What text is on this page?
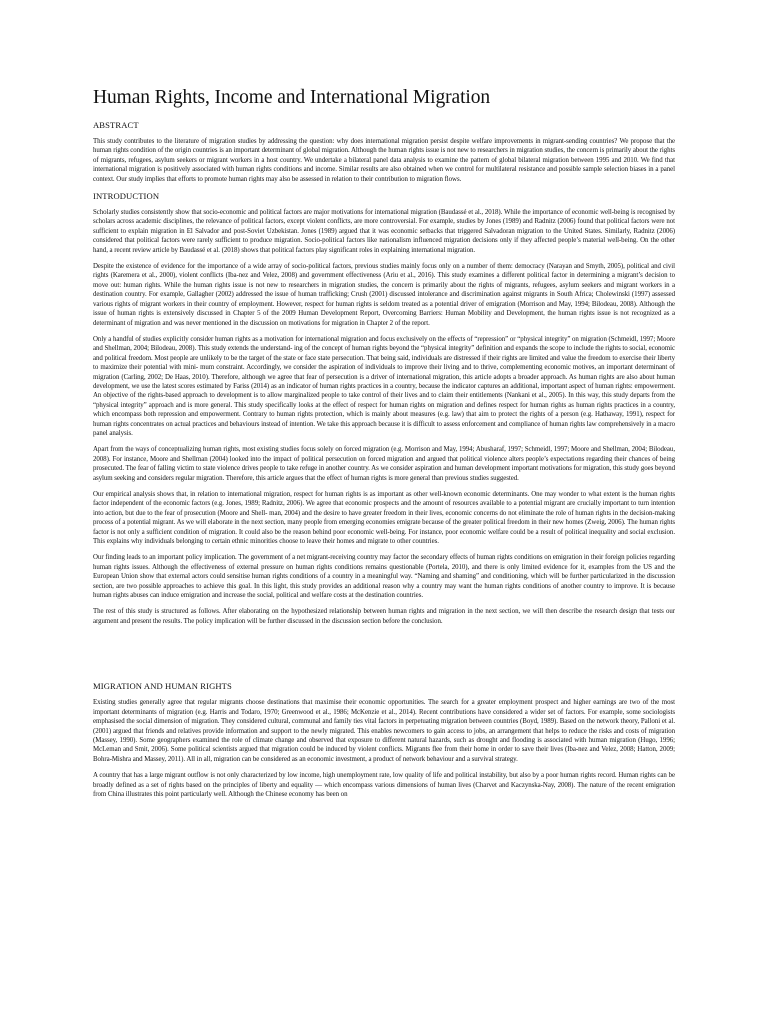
Human Rights, Income and International Migration
ABSTRACT

This study contributes to the literature of migration studies by addressing the question: why does international migration persist despite welfare improvements in migrant-sending countries? We propose that the human rights condition of the origin countries is an important determinant of global migration. Although the human rights issue is not new to researchers in migration studies, the concern is primarily about the rights of migrants, refugees, asylum seekers or migrant workers in a host country. We undertake a bilateral panel data analysis to examine the pattern of global bilateral migration between 1995 and 2010. We find that international migration is positively associated with human rights conditions and income. Similar results are also obtained when we control for multilateral resistance and possible sample selection biases in a panel context. Our study implies that efforts to promote human rights may also be assessed in relation to their contribution to migration flows.

INTRODUCTION

Scholarly studies consistently show that socio-economic and political factors are major motivations for international migration (Baudassé et al., 2018). While the importance of economic well-being is recognised by scholars across academic disciplines, the relevance of political factors, except violent conflicts, are more controversial. For example, studies by Jones (1989) and Radnitz (2006) found that political factors were not sufficient to explain migration in El Salvador and post-Soviet Uzbekistan. Jones (1989) argued that it was economic setbacks that triggered Salvadoran migration to the United States. Similarly, Radnitz (2006) considered that political factors were rarely sufficient to produce migration. Socio-political factors like nationalism influenced migration decisions only if they affected people’s material well-being. On the other hand, a recent review article by Baudassé et al. (2018) shows that political factors play significant roles in explaining international migration.

Despite the existence of evidence for the importance of a wide array of socio-political factors, previous studies mainly focus only on a number of them: democracy (Narayan and Smyth, 2005), political and civil rights (Karemera et al., 2000), violent conflicts (Iba-nez and Velez, 2008) and government effectiveness (Ariu et al., 2016). This study examines a different political factor in determining a migrant’s decision to move out: human rights. While the human rights issue is not new to researchers in migration studies, the concern is primarily about the rights of migrants, refugees, asylum seekers and migrant workers in a destination country. For example, Gallagher (2002) addressed the issue of human trafficking; Crush (2001) discussed intolerance and discrimination against migrants in South Africa; Cholewinski (1997) assessed various rights of migrant workers in their country of employment. However, respect for human rights is seldom treated as a potential driver of emigration (Morrison and May, 1994; Bilodeau, 2008). Although the issue of human rights is extensively discussed in Chapter 5 of the 2009 Human Development Report, Overcoming Barriers: Human Mobility and Development, the human rights issue is not recognized as a determinant of migration and was never mentioned in the discussion on motivations for migration in Chapter 2 of the report.

Only a handful of studies explicitly consider human rights as a motivation for international migration and focus exclusively on the effects of “repression” or “physical integrity” on migration (Schmeidl, 1997; Moore and Shellman, 2004; Bilodeau, 2008). This study extends the understand- ing of the concept of human rights beyond the “physical integrity” definition and expands the scope to include the rights to social, economic and political freedom. Most people are unlikely to be the target of the state or face state persecution. That being said, individuals are distressed if their rights are limited and value the freedom to exercise their liberty to maximize their potential with mini- mum constraint. Accordingly, we consider the aspiration of individuals to improve their living and to thrive, complementing economic motives, an important determinant of migration (Carling, 2002; De Haas, 2010). Therefore, although we agree that fear of persecution is a driver of international migration, this article adopts a broader approach. As human rights are also about human development, we use the latest scores estimated by Fariss (2014) as an indicator of human rights practices in a country, because the indicator captures an additional, important aspect of human rights: empowerment. An objective of the rights-based approach to development is to allow marginalized people to take control of their lives and to claim their entitlements (Nankani et al., 2005). In this way, this study departs from the “physical integrity” approach and is more general. This study specifically looks at the effect of respect for human rights on migration and defines respect for human rights as human rights practices in a country, which encompass both repression and empowerment. Contrary to human rights protection, which is mainly about measures (e.g. law) that aim to protect the rights of a person (e.g. Hathaway, 1991), respect for human rights concentrates on actual practices and behaviours instead of intention. We take this approach because it is difficult to assess enforcement and compliance of human rights law comprehensively in a macro panel analysis.

Apart from the ways of conceptualizing human rights, most existing studies focus solely on forced migration (e.g. Morrison and May, 1994; Abusharaf, 1997; Schmeidl, 1997; Moore and Shellman, 2004; Bilodeau, 2008). For instance, Moore and Shellman (2004) looked into the impact of political persecution on forced migration and argued that political violence alters people’s expectations regarding their chances of being prosecuted. The fear of falling victim to state violence drives people to take refuge in another country. As we consider aspiration and human development important motivations for migration, this study goes beyond asylum seeking and considers regular migration. Therefore, this article argues that the effect of human rights is more general than previous studies suggested.

Our empirical analysis shows that, in relation to international migration, respect for human rights is as important as other well-known economic determinants. One may wonder to what extent is the human rights factor independent of the economic factors (e.g. Jones, 1989; Radnitz, 2006). We agree that economic prospects and the amount of resources available to a potential migrant are crucially important to turn intention into action, but due to the fear of prosecution (Moore and Shell- man, 2004) and the desire to have greater freedom in their lives, economic concerns do not eliminate the role of human rights in the decision-making process of a potential migrant. As we will elaborate in the next section, many people from emerging economies emigrate because of the greater political freedom in their new homes (Zweig, 2006). The human rights factor is not only a sufficient condition of migration. It could also be the reason behind poor economic well-being. For instance, poor economic welfare could be a result of political inequality and social exclusion. This explains why individuals belonging to certain ethnic minorities choose to leave their homes and migrate to other countries.

Our finding leads to an important policy implication. The government of a net migrant-receiving country may factor the secondary effects of human rights conditions on emigration in their foreign policies regarding human rights issues. Although the effectiveness of external pressure on human rights conditions remains questionable (Portela, 2010), and there is only limited evidence for it, examples from the US and the European Union show that external actors could sensitise human rights conditions of a country in a meaningful way. “Naming and shaming” and conditioning, which will be further particularized in the discussion section, are two possible approaches to achieve this goal. In this light, this study provides an additional reason why a country may want the human rights conditions of another country to improve. It is because human rights abuses can induce emigration and increase the social, political and welfare costs at the destination countries.

The rest of this study is structured as follows. After elaborating on the hypothesized relationship between human rights and migration in the next section, we will then describe the research design that tests our argument and present the results. The policy implication will be further discussed in the discussion section before the conclusion.

MIGRATION AND HUMAN RIGHTS

Existing studies generally agree that regular migrants choose destinations that maximise their economic opportunities. The search for a greater employment prospect and higher earnings are two of the most important determinants of migration (e.g. Harris and Todaro, 1970; Greenwood et al., 1986; McKenzie et al., 2014). Recent contributions have considered a wider set of factors. For example, some sociologists emphasised the social dimension of migration. They considered cultural, communal and family ties vital factors in perpetuating migration between countries (Boyd, 1989). Based on the network theory, Palloni et al. (2001) argued that friends and relatives provide information and support to the newly migrated. This enables newcomers to gain access to jobs, an arrangement that helps to reduce the risks and costs of migration (Massey, 1990). Some geographers examined the role of climate change and observed that exposure to different natural hazards, such as drought and flooding is associated with human migration (Hugo, 1996; McLeman and Smit, 2006). Some political scientists argued that migration could be induced by violent conflicts. Migrants flee from their home in order to save their lives (Iba-nez and Velez, 2008; Hatton, 2009; Bohra-Mishra and Massey, 2011). All in all, migration can be considered as an economic investment, a product of network behaviour and a survival strategy.

A country that has a large migrant outflow is not only characterized by low income, high unemployment rate, low quality of life and political instability, but also by a poor human rights record. Human rights can be broadly defined as a set of rights based on the principles of liberty and equality — which encompass various dimensions of human lives (Charvet and Kaczynska-Nay, 2008). The nature of the recent emigration from China illustrates this point particularly well. Although the Chinese economy has been on
